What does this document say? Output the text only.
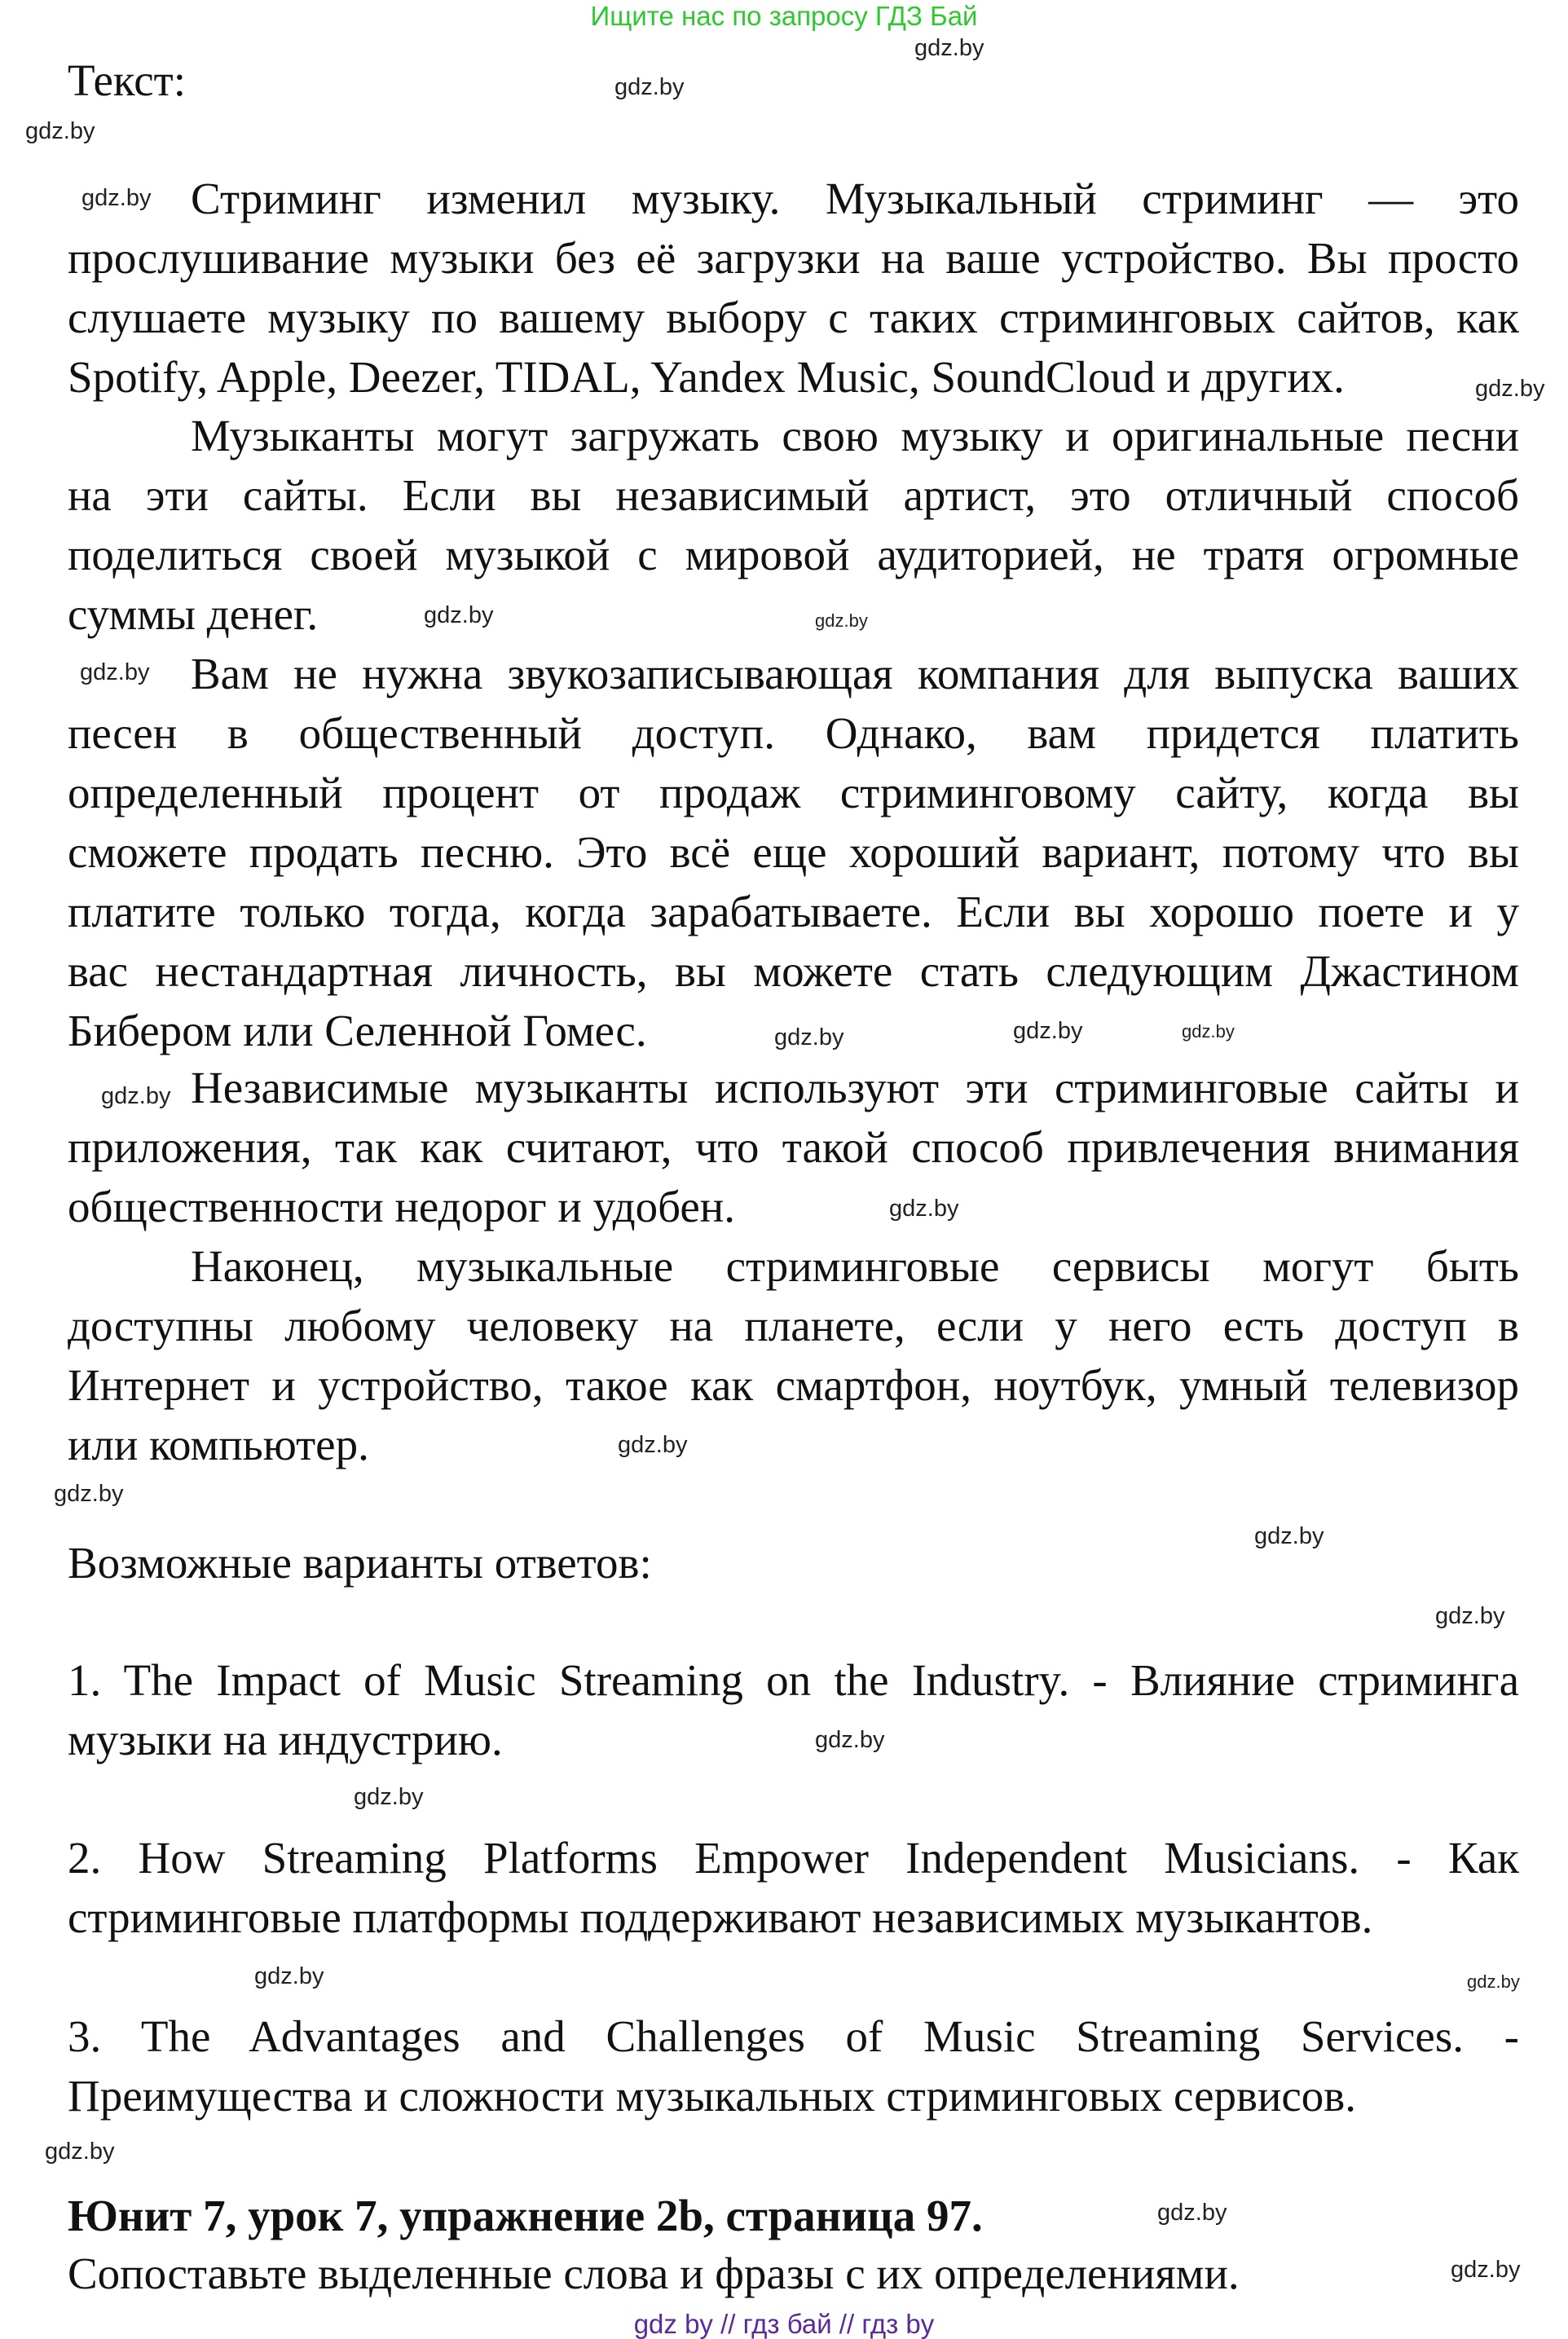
Ищите нас по запросу ГДЗ Бай
Текст:
Стриминг изменил музыку. Музыкальный стриминг — это
прослушивание музыки без её загрузки на ваше устройство. Вы просто
слушаете музыку по вашему выбору с таких стриминговых сайтов, как
Spotify, Apple, Deezer, TIDAL, Yandex Music, SoundCloud и других.
Музыканты могут загружать свою музыку и оригинальные песни
на эти сайты. Если вы независимый артист, это отличный способ
поделиться своей музыкой с мировой аудиторией, не тратя огромные
суммы денег.
Вам не нужна звукозаписывающая компания для выпуска ваших
песен в общественный доступ. Однако, вам придется платить
определенный процент от продаж стриминговому сайту, когда вы
сможете продать песню. Это всё еще хороший вариант, потому что вы
платите только тогда, когда зарабатываете. Если вы хорошо поете и у
вас нестандартная личность, вы можете стать следующим Джастином
Бибером или Селенной Гомес.
Независимые музыканты используют эти стриминговые сайты и
приложения, так как считают, что такой способ привлечения внимания
общественности недорог и удобен.
Наконец, музыкальные стриминговые сервисы могут быть
доступны любому человеку на планете, если у него есть доступ в
Интернет и устройство, такое как смартфон, ноутбук, умный телевизор
или компьютер.
Возможные варианты ответов:
1. The Impact of Music Streaming on the Industry. - Влияние стриминга
музыки на индустрию.
2. How Streaming Platforms Empower Independent Musicians. - Как
стриминговые платформы поддерживают независимых музыкантов.
3. The Advantages and Challenges of Music Streaming Services. -
Преимущества и сложности музыкальных стриминговых сервисов.
Юнит 7, урок 7, упражнение 2b, страница 97.
Сопоставьте выделенные слова и фразы с их определениями.
gdz.by
gdz.by
gdz.by
gdz.by
gdz.by
gdz.by
gdz.by
gdz.by
gdz.by
gdz.by
gdz.by
gdz.by
gdz.by
gdz.by
gdz.by
gdz.by
gdz.by
gdz.by
gdz.by
gdz.by	gdz.by
gdz.by
gdz.by
gdz.by
gdz by // гдз бай // гдз by
